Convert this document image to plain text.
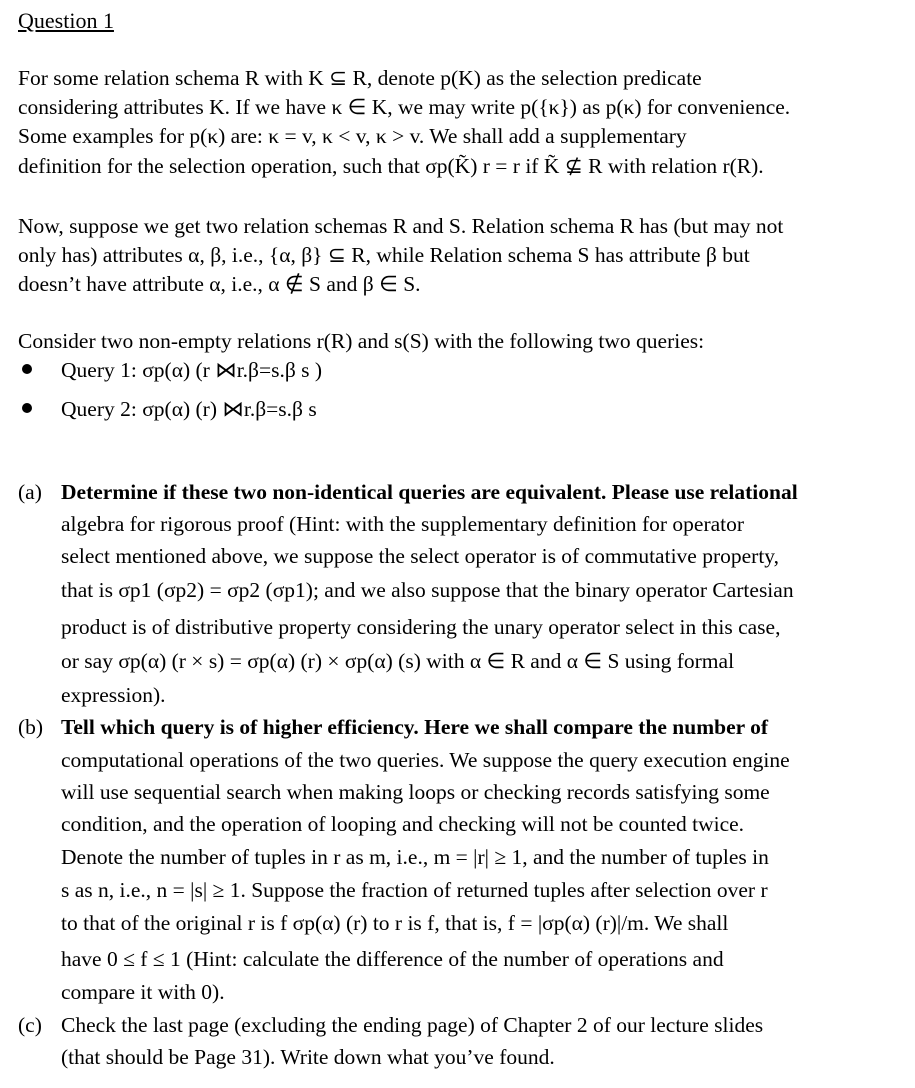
Question 1
For some relation schema R with K ⊆ R, denote p(K) as the selection predicate
considering attributes K. If we have κ ∈ K, we may write p({κ}) as p(κ) for convenience.
Some examples for p(κ) are: κ = v, κ < v, κ > v. We shall add a supplementary
definition for the selection operation, such that σp(K̃) r = r if K̃ ⊈ R with relation r(R).
Now, suppose we get two relation schemas R and S. Relation schema R has (but may not
only has) attributes α, β, i.e., {α, β} ⊆ R, while Relation schema S has attribute β but
doesn’t have attribute α, i.e., α ∉ S and β ∈ S.
Consider two non-empty relations r(R) and s(S) with the following two queries:
Query 1: σp(α) (r ⋈r.β=s.β s )
Query 2: σp(α) (r) ⋈r.β=s.β s
(a) Determine if these two non-identical queries are equivalent. Please use relational
algebra for rigorous proof (Hint: with the supplementary definition for operator
select mentioned above, we suppose the select operator is of commutative property,
that is σp1 (σp2) = σp2 (σp1); and we also suppose that the binary operator Cartesian
product is of distributive property considering the unary operator select in this case,
or say σp(α) (r × s) = σp(α) (r) × σp(α) (s) with α ∈ R and α ∈ S using formal
expression).
(b) Tell which query is of higher efficiency. Here we shall compare the number of
computational operations of the two queries. We suppose the query execution engine
will use sequential search when making loops or checking records satisfying some
condition, and the operation of looping and checking will not be counted twice.
Denote the number of tuples in r as m, i.e., m = |r| ≥ 1, and the number of tuples in
s as n, i.e., n = |s| ≥ 1. Suppose the fraction of returned tuples after selection over r
to that of the original r is f σp(α) (r) to r is f, that is, f = |σp(α) (r)|/m. We shall
have 0 ≤ f ≤ 1 (Hint: calculate the difference of the number of operations and
compare it with 0).
(c) Check the last page (excluding the ending page) of Chapter 2 of our lecture slides
(that should be Page 31). Write down what you’ve found.
